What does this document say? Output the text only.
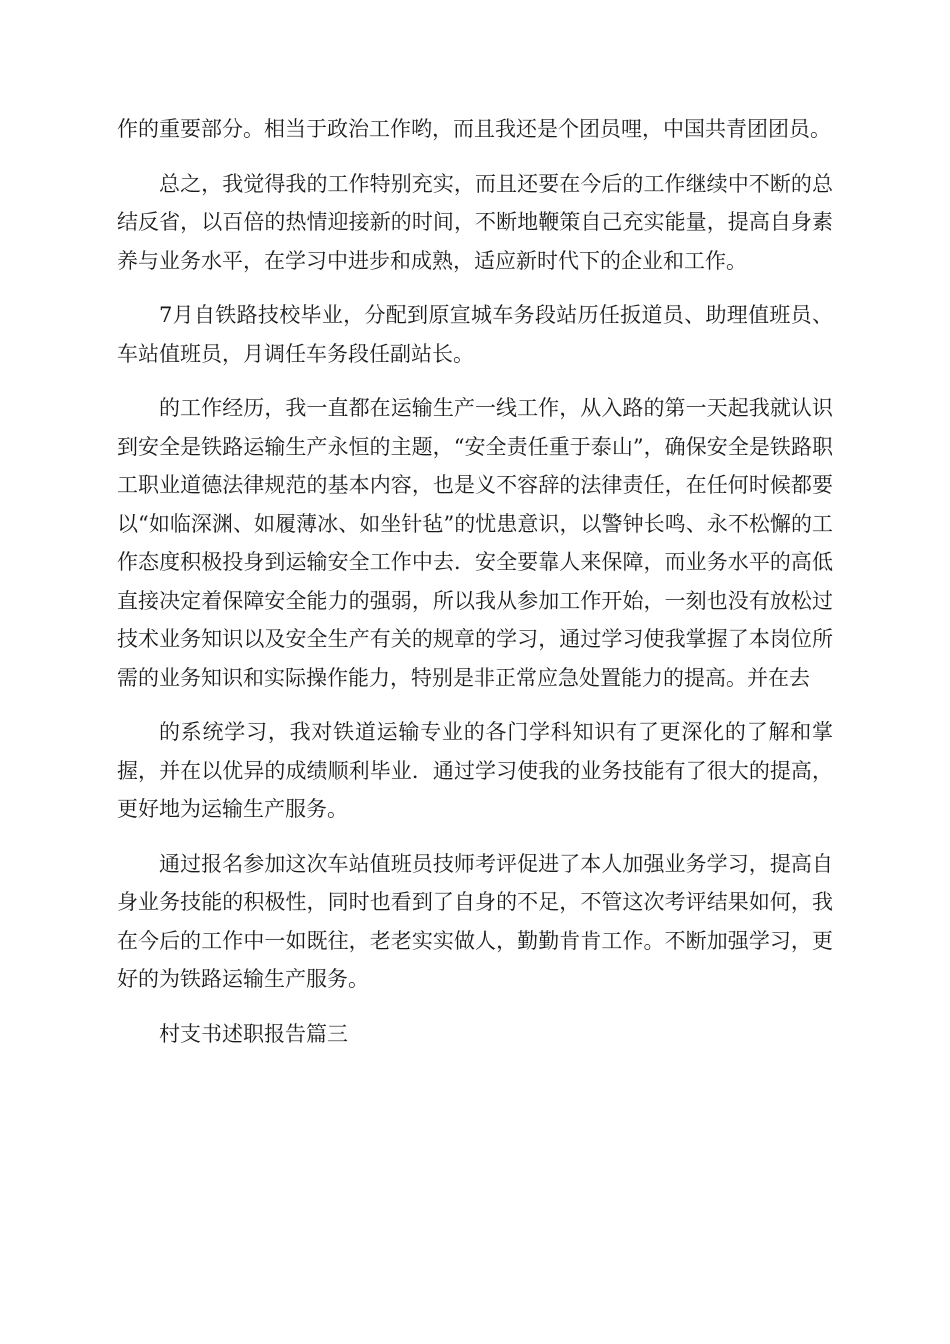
作的重要部分。相当于政治工作哟，而且我还是个团员哩，中国共青团团员。

总之，我觉得我的工作特别充实，而且还要在今后的工作继续中不断的总结反省，以百倍的热情迎接新的时间，不断地鞭策自己充实能量，提高自身素养与业务水平，在学习中进步和成熟，适应新时代下的企业和工作。

7月自铁路技校毕业，分配到原宣城车务段站历任扳道员、助理值班员、车站值班员，月调任车务段任副站长。

的工作经历，我一直都在运输生产一线工作，从入路的第一天起我就认识到安全是铁路运输生产永恒的主题，“安全责任重于泰山”，确保安全是铁路职工职业道德法律规范的基本内容，也是义不容辞的法律责任，在任何时候都要以“如临深渊、如履薄冰、如坐针毡”的忧患意识，以警钟长鸣、永不松懈的工作态度积极投身到运输安全工作中去．安全要靠人来保障，而业务水平的高低直接决定着保障安全能力的强弱，所以我从参加工作开始，一刻也没有放松过技术业务知识以及安全生产有关的规章的学习，通过学习使我掌握了本岗位所需的业务知识和实际操作能力，特别是非正常应急处置能力的提高。并在去

的系统学习，我对铁道运输专业的各门学科知识有了更深化的了解和掌握，并在以优异的成绩顺利毕业．通过学习使我的业务技能有了很大的提高，更好地为运输生产服务。

通过报名参加这次车站值班员技师考评促进了本人加强业务学习，提高自身业务技能的积极性，同时也看到了自身的不足，不管这次考评结果如何，我在今后的工作中一如既往，老老实实做人，勤勤肯肯工作。不断加强学习，更好的为铁路运输生产服务。

村支书述职报告篇三
